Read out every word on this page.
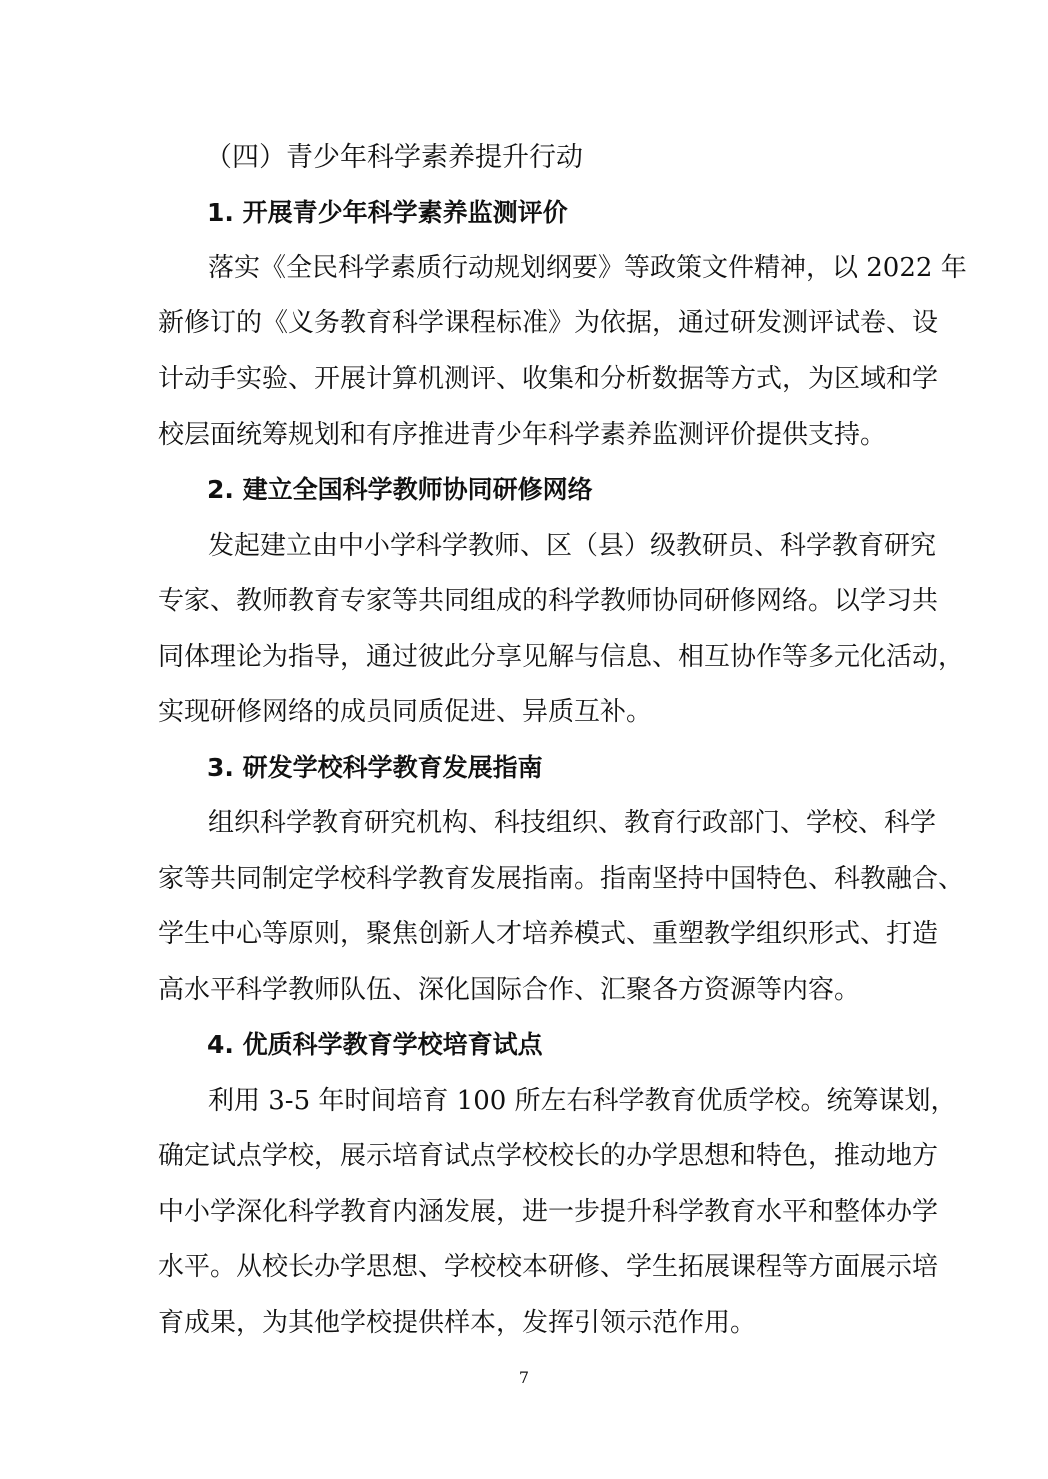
（四）青少年科学素养提升行动
1. 开展青少年科学素养监测评价
落实《全民科学素质行动规划纲要》等政策文件精神，以 2022 年
新修订的《义务教育科学课程标准》为依据，通过研发测评试卷、设
计动手实验、开展计算机测评、收集和分析数据等方式，为区域和学
校层面统筹规划和有序推进青少年科学素养监测评价提供支持。
2. 建立全国科学教师协同研修网络
发起建立由中小学科学教师、区（县）级教研员、科学教育研究
专家、教师教育专家等共同组成的科学教师协同研修网络。以学习共
同体理论为指导，通过彼此分享见解与信息、相互协作等多元化活动，
实现研修网络的成员同质促进、异质互补。
3. 研发学校科学教育发展指南
组织科学教育研究机构、科技组织、教育行政部门、学校、科学
家等共同制定学校科学教育发展指南。指南坚持中国特色、科教融合、
学生中心等原则，聚焦创新人才培养模式、重塑教学组织形式、打造
高水平科学教师队伍、深化国际合作、汇聚各方资源等内容。
4. 优质科学教育学校培育试点
利用 3-5 年时间培育 100 所左右科学教育优质学校。统筹谋划，
确定试点学校，展示培育试点学校校长的办学思想和特色，推动地方
中小学深化科学教育内涵发展，进一步提升科学教育水平和整体办学
水平。从校长办学思想、学校校本研修、学生拓展课程等方面展示培
育成果，为其他学校提供样本，发挥引领示范作用。
7
